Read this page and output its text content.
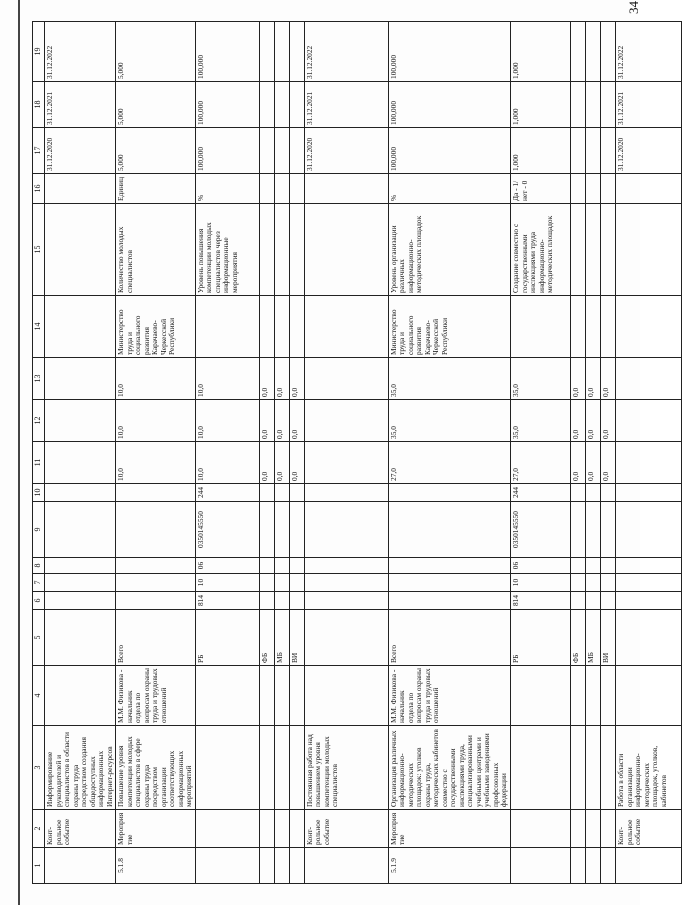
34
1	2	3	4	5	6	7	8	9	10	11	12	13	14	15	16	17	18	19
	Конт-рольное событие	Информирование руководителей и специалистов в области охраны труда посредством создания общедоступных информационных Интернет-ресурсов														31.12.2020	31.12.2021	31.12.2022
5.1.8	Мероприятие	Повышение уровня компетенции молодых специалистов в сфере охраны труда посредством организации соответствующих информационных мероприятий	М.М. Физиковa - начальник отдела по вопросам охраны труда и трудовых отношений	Всего						10,0	10,0	10,0	Министерство труда и социального развития Карачаево-Черкесской Республики	Количество молодых специалистов	Единиц	5,000	5,000	5,000
				РБ	814	10	06	0350145550	244	10,0	10,0	10,0		Уровень повышения компетенции молодых специалистов через информационные мероприятия	%	100,000	100,000	100,000
				ФБ						0,0	0,0	0,0						
				МБ						0,0	0,0	0,0						
				ВИ						0,0	0,0	0,0						
	Конт-рольное событие	Постоянная работа над повышением уровня компетенции молодых специалистов														31.12.2020	31.12.2021	31.12.2022
5.1.9	Мероприятие	Организация различных информационно-методических площадок: уголков охраны труда, методических кабинетов совместно с государственными инспекциями труда, специализированными учебными центрами и учебными заведениями профсоюзных федерации	М.М. Физиковa - начальник отдела по вопросам охраны труда и трудовых отношений	Всего						27,0	35,0	35,0	Министерство труда и социального развития Карачаево-Черкесской Республики	Уровень организации различных информационно-методических площадок	%	100,000	100,000	100,000
				РБ	814	10	06	0350145550	244	27,0	35,0	35,0		Создание совместно с государственными инспекциями труда информационно-методических площадок	Да - 1/ нет - 0	1,000	1,000	1,000
				ФБ						0,0	0,0	0,0						
				МБ						0,0	0,0	0,0						
				ВИ						0,0	0,0	0,0						
	Конт-рольное событие	Работа в области организации информационно-методических площадок, уголков, кабинетов														31.12.2020	31.12.2021	31.12.2022
